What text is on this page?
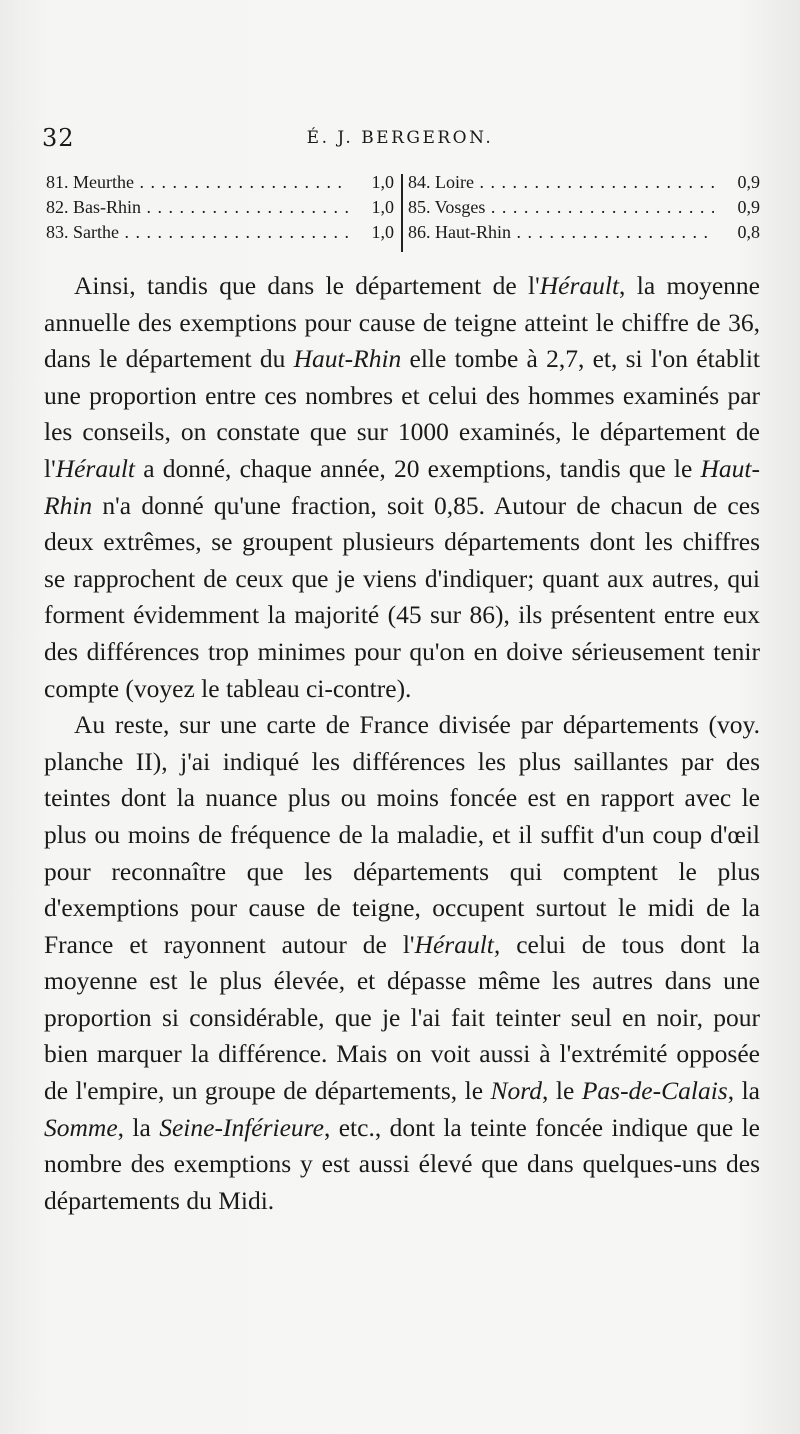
32	É. J. BERGERON.
81. Meurthe . . .	1,0
82. Bas-Rhin . . .	1,0
83. Sarthe . . .	1,0
84. Loire . . .	0,9
85. Vosges . . .	0,9
86. Haut-Rhin . . .	0,8

Ainsi, tandis que dans le département de l'Hérault, la moyenne annuelle des exemptions pour cause de teigne atteint le chiffre de 36, dans le département du Haut-Rhin elle tombe à 2,7, et, si l'on établit une proportion entre ces nombres et celui des hommes examinés par les conseils, on constate que sur 1000 examinés, le département de l'Hérault a donné, chaque année, 20 exemptions, tandis que le Haut-Rhin n'a donné qu'une fraction, soit 0,85. Autour de chacun de ces deux extrêmes, se groupent plusieurs départements dont les chiffres se rapprochent de ceux que je viens d'indiquer; quant aux autres, qui forment évidemment la majorité (45 sur 86), ils présentent entre eux des différences trop minimes pour qu'on en doive sérieusement tenir compte (voyez le tableau ci-contre).

Au reste, sur une carte de France divisée par départements (voy. planche II), j'ai indiqué les différences les plus saillantes par des teintes dont la nuance plus ou moins foncée est en rapport avec le plus ou moins de fréquence de la maladie, et il suffit d'un coup d'œil pour reconnaître que les départements qui comptent le plus d'exemptions pour cause de teigne, occupent surtout le midi de la France et rayonnent autour de l'Hérault, celui de tous dont la moyenne est le plus élevée, et dépasse même les autres dans une proportion si considérable, que je l'ai fait teinter seul en noir, pour bien marquer la différence. Mais on voit aussi à l'extrémité opposée de l'empire, un groupe de départements, le Nord, le Pas-de-Calais, la Somme, la Seine-Inférieure, etc., dont la teinte foncée indique que le nombre des exemptions y est aussi élevé que dans quelques-uns des départements du Midi.
